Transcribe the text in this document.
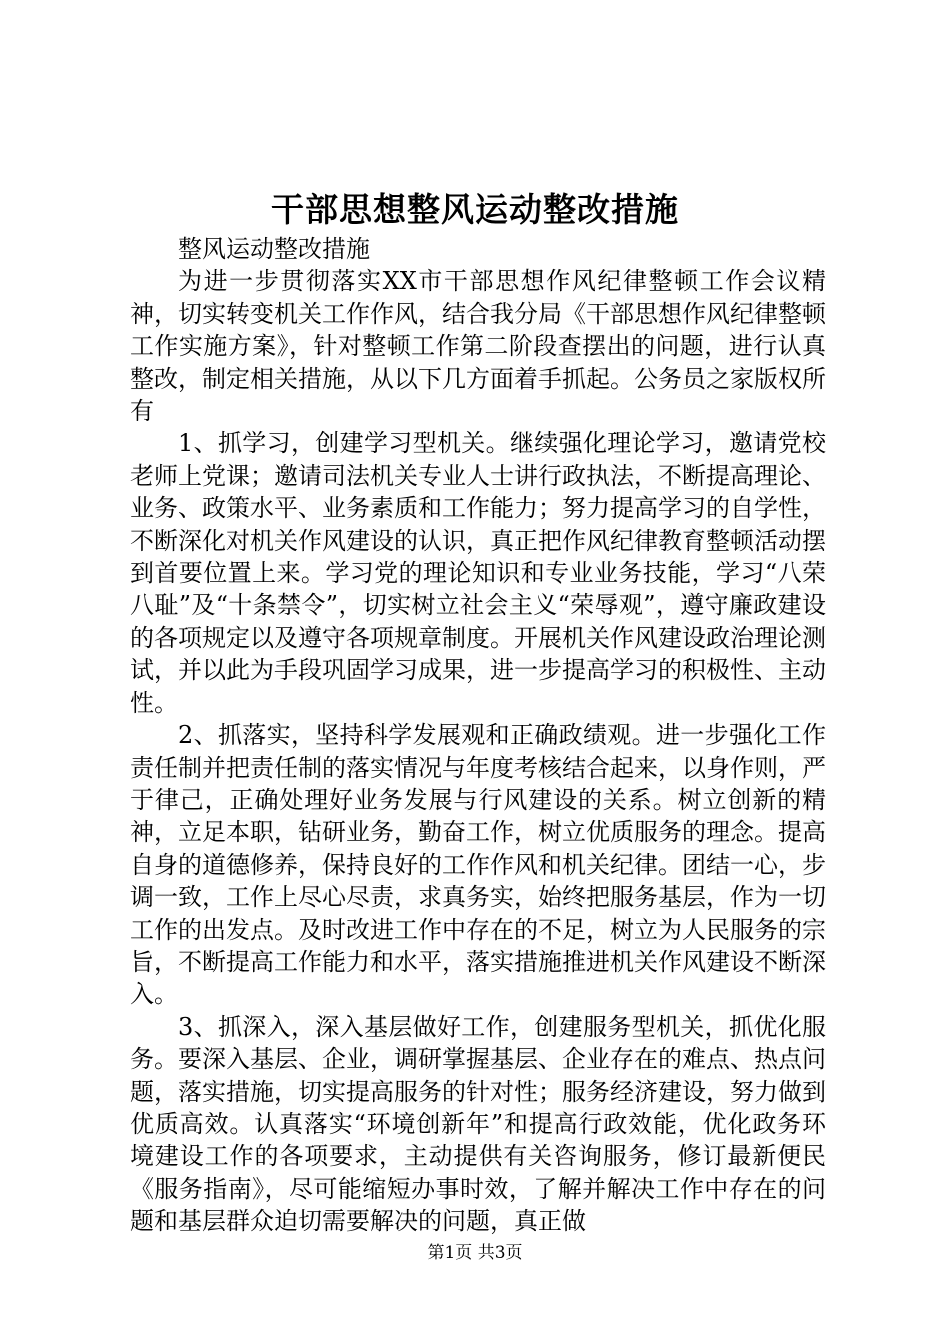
干部思想整风运动整改措施

整风运动整改措施

为进一步贯彻落实XX市干部思想作风纪律整顿工作会议精神，切实转变机关工作作风，结合我分局《干部思想作风纪律整顿工作实施方案》，针对整顿工作第二阶段查摆出的问题，进行认真整改，制定相关措施，从以下几方面着手抓起。公务员之家版权所有

1、抓学习，创建学习型机关。继续强化理论学习，邀请党校老师上党课；邀请司法机关专业人士讲行政执法，不断提高理论、业务、政策水平、业务素质和工作能力；努力提高学习的自学性，不断深化对机关作风建设的认识，真正把作风纪律教育整顿活动摆到首要位置上来。学习党的理论知识和专业业务技能，学习“八荣八耻”及“十条禁令”，切实树立社会主义“荣辱观”，遵守廉政建设的各项规定以及遵守各项规章制度。开展机关作风建设政治理论测试，并以此为手段巩固学习成果，进一步提高学习的积极性、主动性。

2、抓落实，坚持科学发展观和正确政绩观。进一步强化工作责任制并把责任制的落实情况与年度考核结合起来，以身作则，严于律己，正确处理好业务发展与行风建设的关系。树立创新的精神，立足本职，钻研业务，勤奋工作，树立优质服务的理念。提高自身的道德修养，保持良好的工作作风和机关纪律。团结一心，步调一致，工作上尽心尽责，求真务实，始终把服务基层，作为一切工作的出发点。及时改进工作中存在的不足，树立为人民服务的宗旨，不断提高工作能力和水平，落实措施推进机关作风建设不断深入。

3、抓深入，深入基层做好工作，创建服务型机关，抓优化服务。要深入基层、企业，调研掌握基层、企业存在的难点、热点问题，落实措施，切实提高服务的针对性；服务经济建设，努力做到优质高效。认真落实“环境创新年”和提高行政效能，优化政务环境建设工作的各项要求，主动提供有关咨询服务，修订最新便民《服务指南》，尽可能缩短办事时效，了解并解决工作中存在的问题和基层群众迫切需要解决的问题，真正做

第1页 共3页
